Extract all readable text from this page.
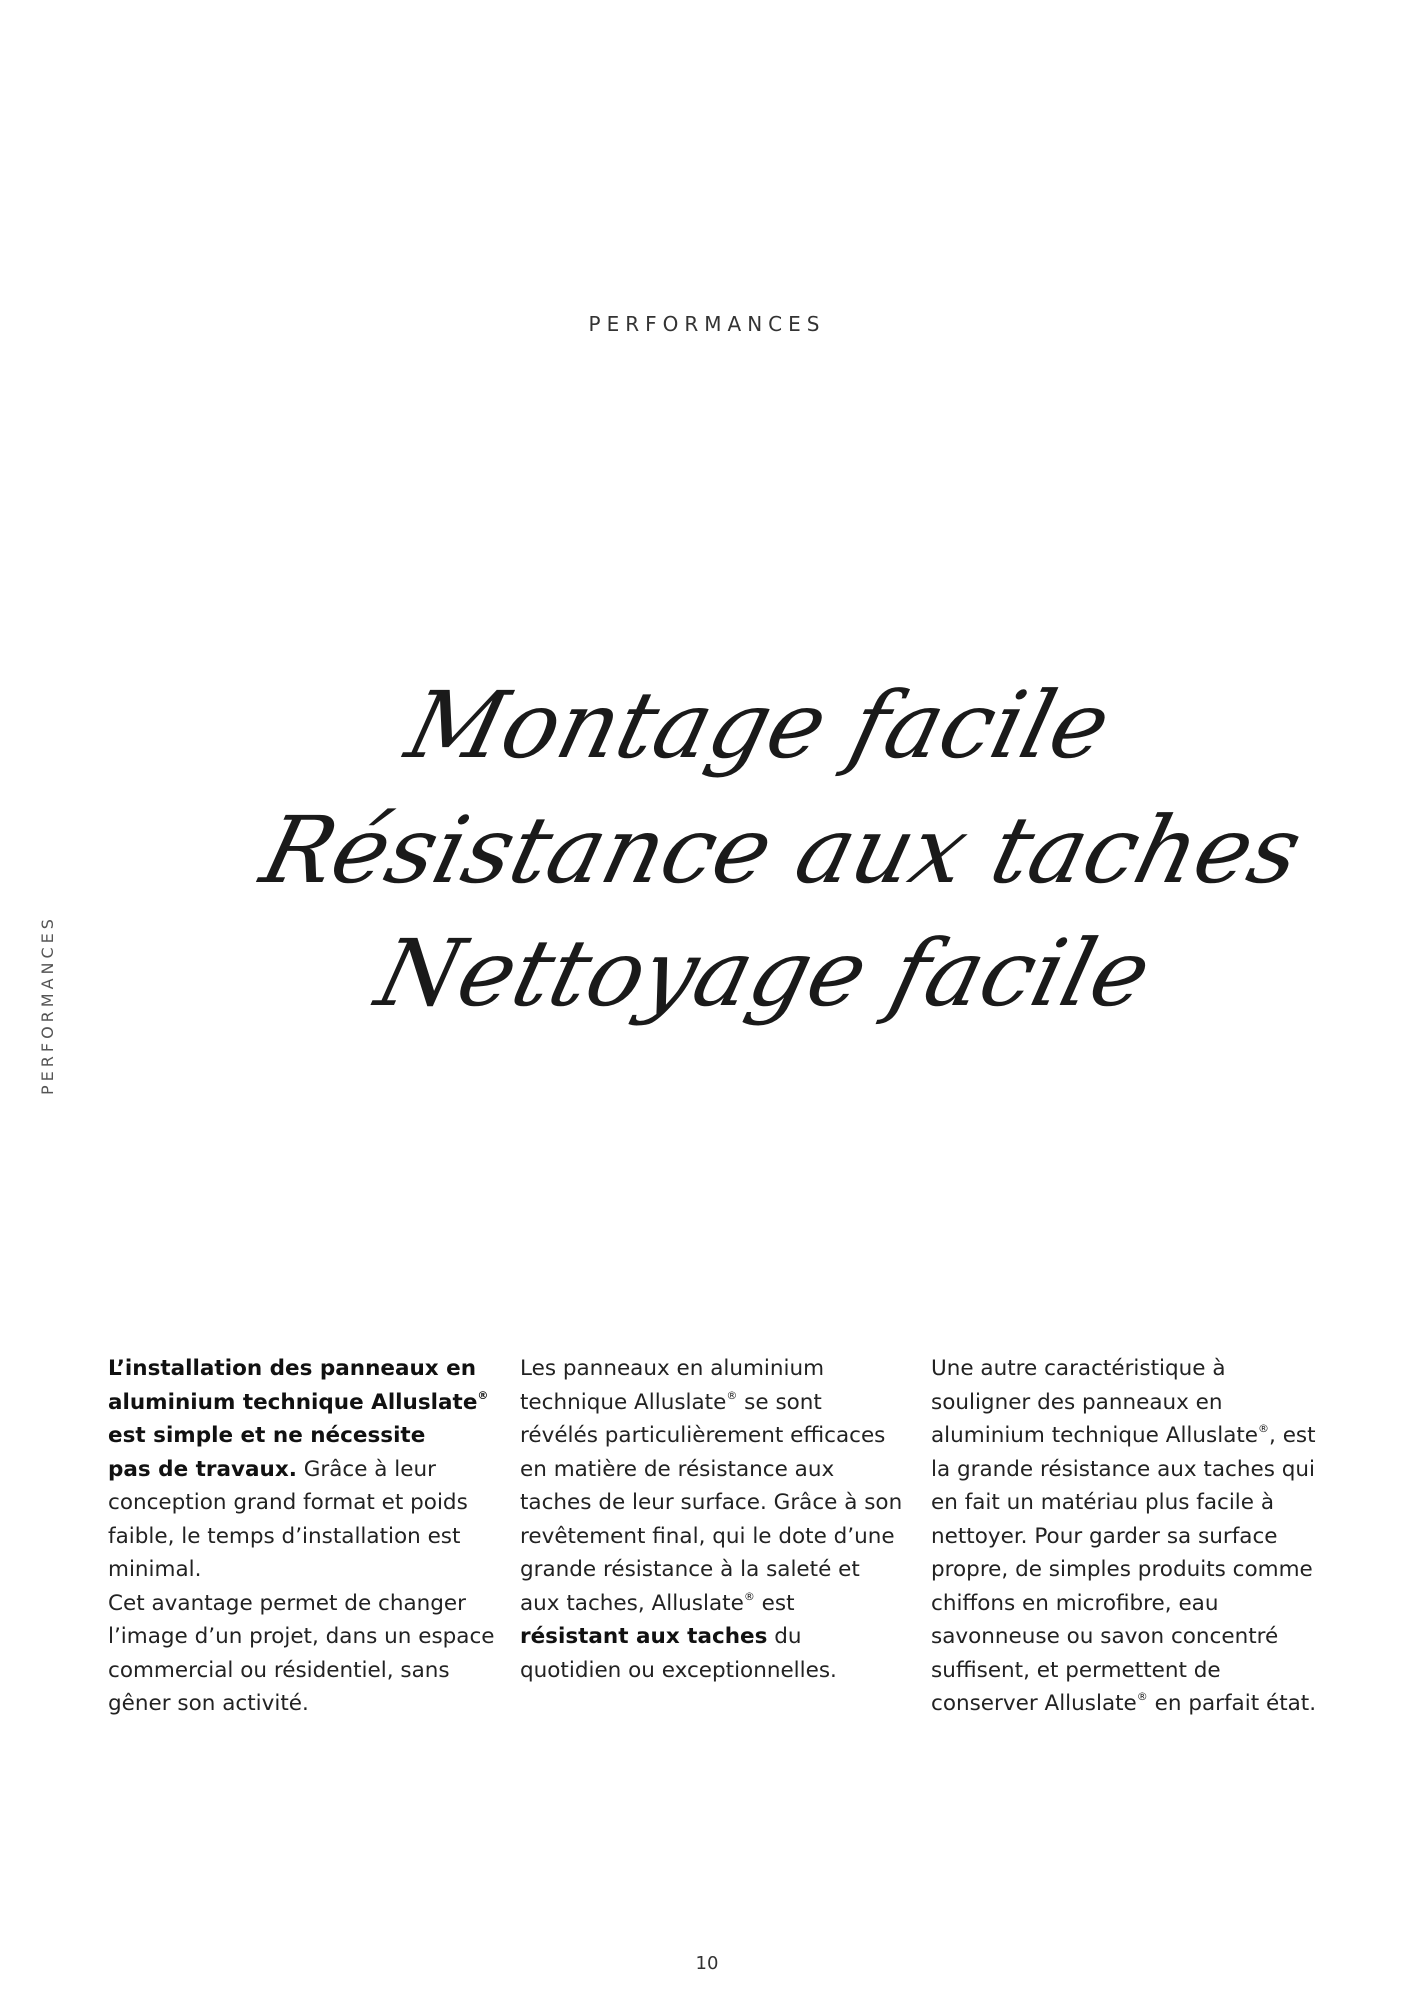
PERFORMANCES
PERFORMANCES
Montage facile
Résistance aux taches
Nettoyage facile

L’installation des panneaux en
aluminium technique Alluslate®
est simple et ne nécessite
pas de travaux. Grâce à leur conception grand format et poids faible, le temps d’installation est minimal.

Cet avantage permet de changer l’image d’un projet, dans un espace commercial ou résidentiel, sans gêner son activité.

Les panneaux en aluminium technique Alluslate® se sont révélés particulièrement efficaces en matière de résistance aux taches de leur surface. Grâce à son revêtement final, qui le dote d’une grande résistance à la saleté et aux taches, Alluslate® est résistant aux taches du quotidien ou exceptionnelles.

Une autre caractéristique à souligner des panneaux en aluminium technique Alluslate®, est la grande résistance aux taches qui en fait un matériau plus facile à nettoyer. Pour garder sa surface propre, de simples produits comme chiffons en microfibre, eau savonneuse ou savon concentré suffisent, et permettent de conserver Alluslate® en parfait état.

10
